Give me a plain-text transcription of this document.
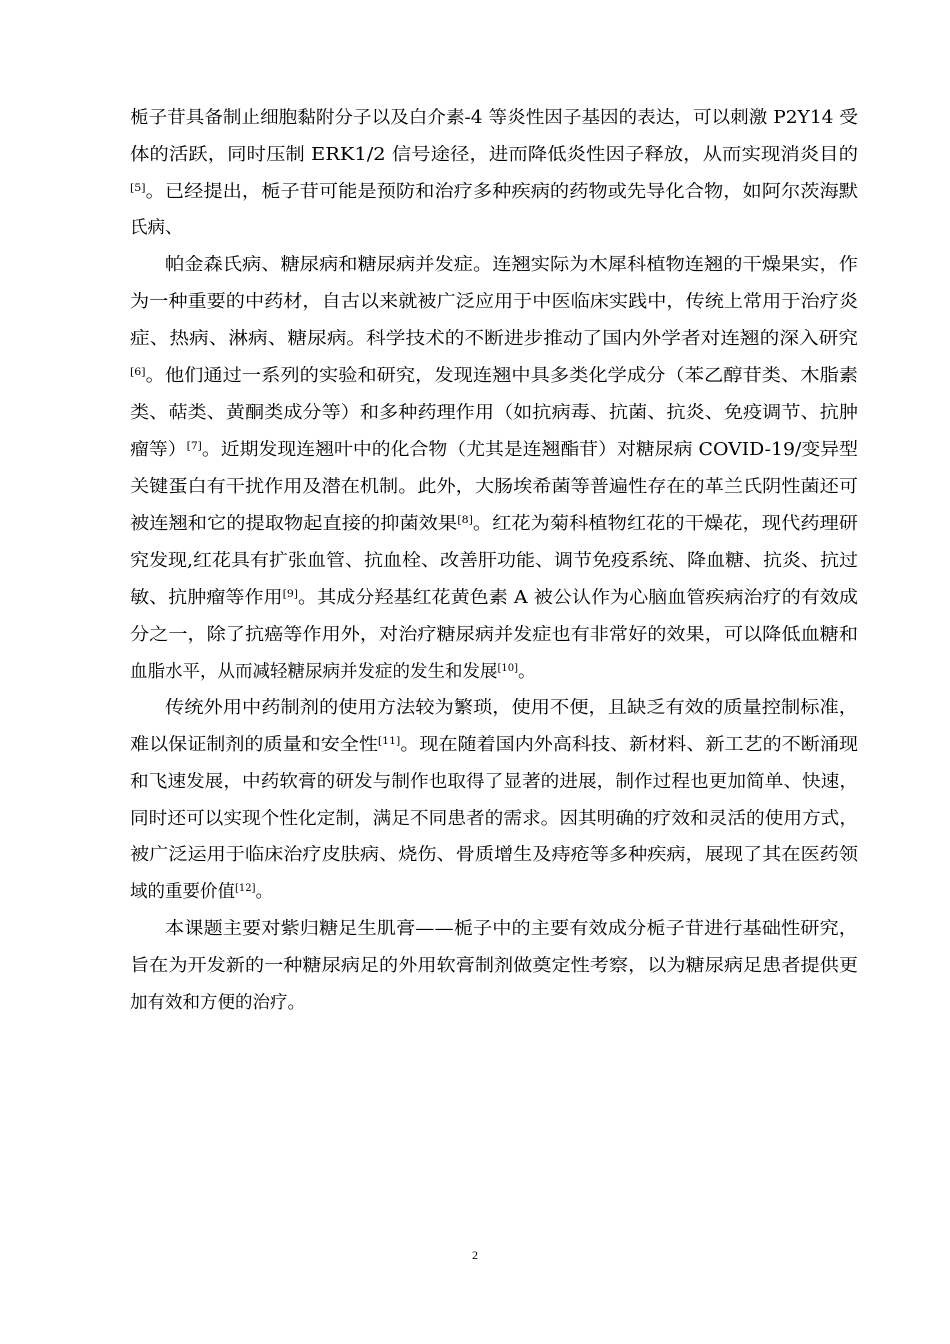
栀子苷具备制止细胞黏附分子以及白介素-4 等炎性因子基因的表达，可以刺激 P2Y14 受
体的活跃，同时压制 ERK1/2 信号途径，进而降低炎性因子释放，从而实现消炎目的
[5]。已经提出，栀子苷可能是预防和治疗多种疾病的药物或先导化合物，如阿尔茨海默
氏病、
帕金森氏病、糖尿病和糖尿病并发症。连翘实际为木犀科植物连翘的干燥果实，作
为一种重要的中药材，自古以来就被广泛应用于中医临床实践中，传统上常用于治疗炎
症、热病、淋病、糖尿病。科学技术的不断进步推动了国内外学者对连翘的深入研究
[6]。他们通过一系列的实验和研究，发现连翘中具多类化学成分（苯乙醇苷类、木脂素
类、萜类、黄酮类成分等）和多种药理作用（如抗病毒、抗菌、抗炎、免疫调节、抗肿
瘤等）[7]。近期发现连翘叶中的化合物（尤其是连翘酯苷）对糖尿病 COVID-19/变异型
关键蛋白有干扰作用及潜在机制。此外，大肠埃希菌等普遍性存在的革兰氏阴性菌还可
被连翘和它的提取物起直接的抑菌效果[8]。红花为菊科植物红花的干燥花，现代药理研
究发现,红花具有扩张血管、抗血栓、改善肝功能、调节免疫系统、降血糖、抗炎、抗过
敏、抗肿瘤等作用[9]。其成分羟基红花黄色素 A 被公认作为心脑血管疾病治疗的有效成
分之一，除了抗癌等作用外，对治疗糖尿病并发症也有非常好的效果，可以降低血糖和
血脂水平，从而减轻糖尿病并发症的发生和发展[10]。
传统外用中药制剂的使用方法较为繁琐，使用不便，且缺乏有效的质量控制标准，
难以保证制剂的质量和安全性[11]。现在随着国内外高科技、新材料、新工艺的不断涌现
和飞速发展，中药软膏的研发与制作也取得了显著的进展，制作过程也更加简单、快速，
同时还可以实现个性化定制，满足不同患者的需求。因其明确的疗效和灵活的使用方式，
被广泛运用于临床治疗皮肤病、烧伤、骨质增生及痔疮等多种疾病，展现了其在医药领
域的重要价值[12]。
本课题主要对紫归糖足生肌膏——栀子中的主要有效成分栀子苷进行基础性研究，
旨在为开发新的一种糖尿病足的外用软膏制剂做奠定性考察，以为糖尿病足患者提供更
加有效和方便的治疗。
2
